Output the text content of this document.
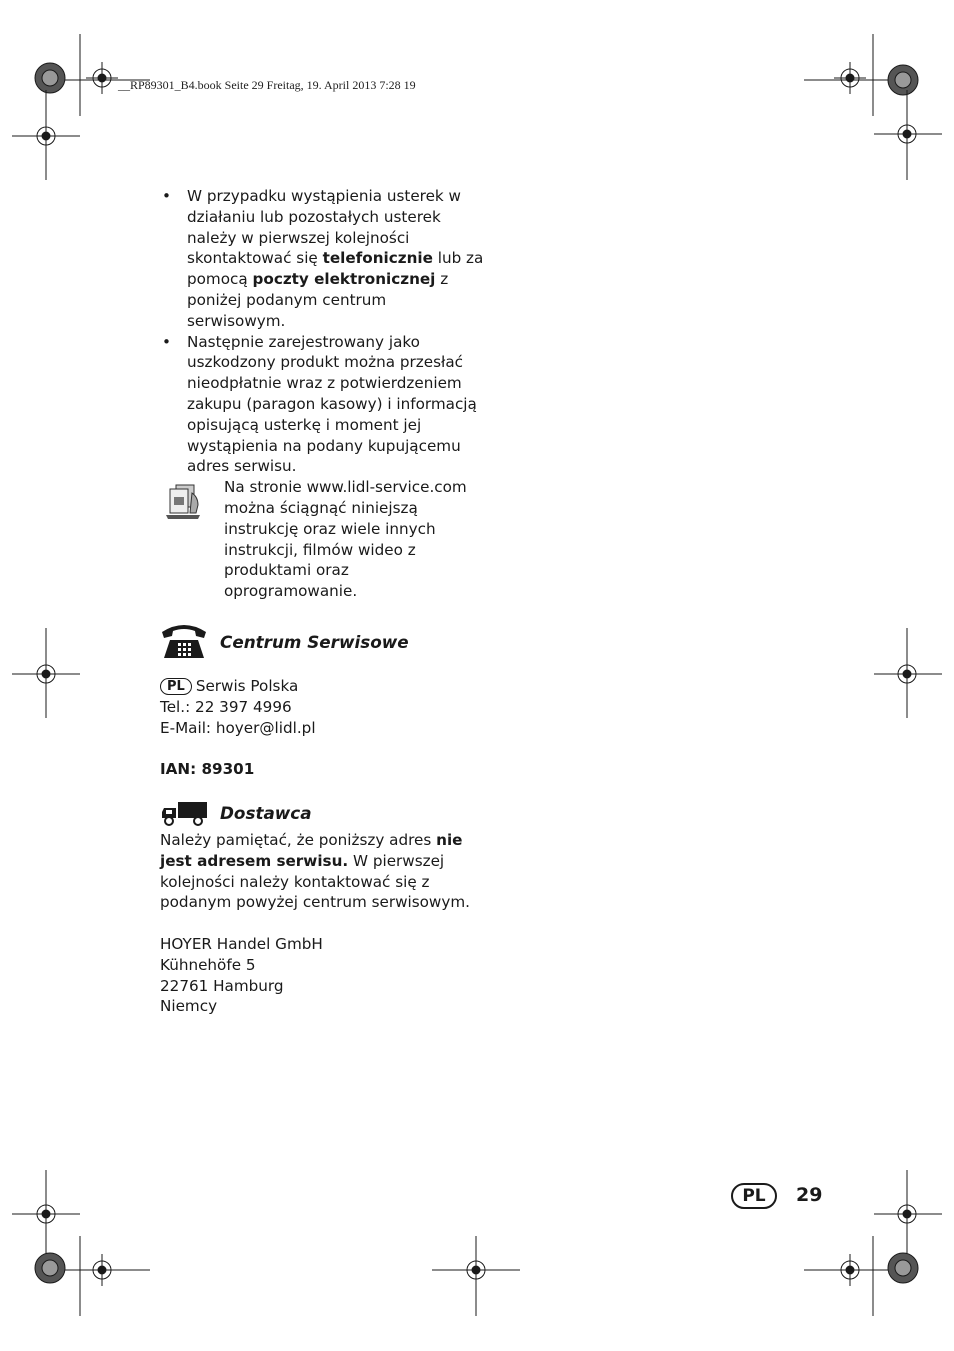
__RP89301_B4.book Seite 29 Freitag, 19. April 2013 7:28 19
• W przypadku wystąpienia usterek w działaniu lub pozostałych usterek należy w pierwszej kolejności skontaktować się telefonicznie lub za pomocą poczty elektronicznej z poniżej podanym centrum serwisowym.
• Następnie zarejestrowany jako uszkodzony produkt można przesłać nieodpłatnie wraz z potwierdzeniem zakupu (paragon kasowy) i informacją opisującą usterkę i moment jej wystąpienia na podany kupującemu adres serwisu.
Na stronie www.lidl-service.com można ściągnąć niniejszą instrukcję oraz wiele innych instrukcji, filmów wideo z produktami oraz oprogramowanie.
Centrum Serwisowe
PL Serwis Polska
Tel.: 22 397 4996
E-Mail: hoyer@lidl.pl
IAN: 89301
Dostawca
Należy pamiętać, że poniższy adres nie jest adresem serwisu. W pierwszej kolejności należy kontaktować się z podanym powyżej centrum serwisowym.
HOYER Handel GmbH
Kühnehöfe 5
22761 Hamburg
Niemcy
PL	29
